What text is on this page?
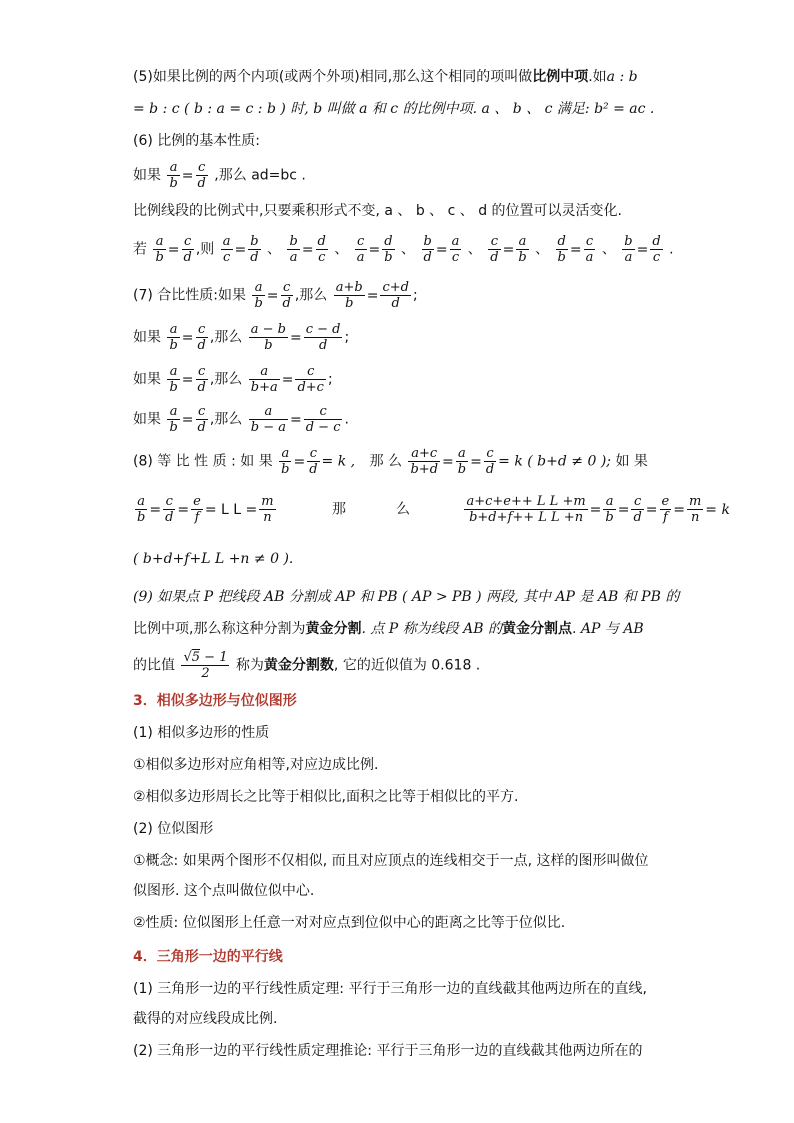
(5)如果比例的两个内项(或两个外项)相同,那么这个相同的项叫做比例中项.如a : b
= b : c ( b : a = c : b ) 时, b 叫做 a 和 c 的比例中项. a 、 b 、 c 满足: b² = ac .
(6) 比例的基本性质:
如果 $\frac{a}{b} = \frac{c}{d}$ ,那么 ad=bc .
比例线段的比例式中,只要乘积形式不变, a 、 b 、 c 、 d 的位置可以灵活变化.
若 $\frac{a}{b} = \frac{c}{d}$ ,则 $\frac{a}{c} = \frac{b}{d}$ 、 $\frac{b}{a} = \frac{d}{c}$ 、 $\frac{c}{a} = \frac{d}{b}$ 、 $\frac{b}{d} = \frac{a}{c}$ 、 $\frac{c}{d} = \frac{a}{b}$ 、 $\frac{d}{b} = \frac{c}{a}$ 、 $\frac{b}{a} = \frac{d}{c}$ .
(7) 合比性质:如果 $\frac{a}{b} = \frac{c}{d}$ ,那么 $\frac{a+b}{b} = \frac{c+d}{d}$ ;
如果 $\frac{a}{b} = \frac{c}{d}$ ,那么 $\frac{a - b}{b} = \frac{c - d}{d}$ ;
如果 $\frac{a}{b} = \frac{c}{d}$ ,那么 $\frac{a}{b+a} = \frac{c}{d+c}$ ;
如果 $\frac{a}{b} = \frac{c}{d}$ ,那么 $\frac{a}{b - a} = \frac{c}{d - c}$ .
(8) 等 比 性 质 : 如 果 $\frac{a}{b} = \frac{c}{d} = k$ , 那 么 $\frac{a+c}{b+d} = \frac{a}{b} = \frac{c}{d} = k$ ( b+d ≠ 0 ); 如 果
$\frac{a}{b} = \frac{c}{d} = \frac{e}{f} = L$ $L = \frac{m}{n}$	那	么	$\frac{\text{a+c+e++ L L +m}}{\text{b+d+f++ L L +n}} = \frac{a}{b} = \frac{c}{d} = \frac{e}{f} = \frac{m}{n} = k$
( b+d+f+L L +n ≠ 0 ).
(9) 如果点 P 把线段 AB 分割成 AP 和 PB ( AP > PB ) 两段, 其中 AP 是 AB 和 PB 的
比例中项,那么称这种分割为黄金分割. 点 P 称为线段 AB 的黄金分割点. AP 与 AB
的比值 $\frac{√5 - 1}{2}$ 称为黄金分割数, 它的近似值为 0.618 .
3．相似多边形与位似图形
(1) 相似多边形的性质
①相似多边形对应角相等,对应边成比例.
②相似多边形周长之比等于相似比,面积之比等于相似比的平方.
(2) 位似图形
①概念: 如果两个图形不仅相似, 而且对应顶点的连线相交于一点, 这样的图形叫做位
似图形. 这个点叫做位似中心.
②性质: 位似图形上任意一对对应点到位似中心的距离之比等于位似比.
4．三角形一边的平行线
(1) 三角形一边的平行线性质定理: 平行于三角形一边的直线截其他两边所在的直线,
截得的对应线段成比例.
(2) 三角形一边的平行线性质定理推论: 平行于三角形一边的直线截其他两边所在的
